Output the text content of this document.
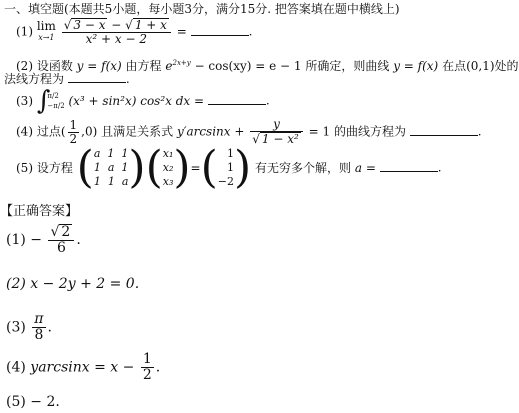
一、填空题(本题共5小题，每小题3分，满分15分. 把答案填在题中横线上)
(1) lim
x→1
$\frac{√ 3 - x - √ 1 + x}{\text{x² + x − 2}}$ =	.
(2) 设函数 y = f(x) 由方程 $e^{2x+y} - \cos(xy) = e - 1$ 所确定，则曲线 y = f(x) 在点(0,1)处的
法线方程为	.
(3) ∫
π/2
−π/2 (x³ + sin²x) cos²x dx =	.
(4) 过点( $\frac{1}{2} ,0$) 且满足关系式 $y'\arcsin x + \frac{y}{\text{√ 1 − x²}} = 1$ 的曲线方程为	.
(5) 设方程 ( a 1 1
1 a 1
1 1 a )( x₁
x₂
x₃ )=( 1
1
−2 ) 有无穷多个解，则 a =	.
【正确答案】
$(1) - \frac{√ 2}{6}$ .
(2) x − 2y + 2 = 0.
$(3) \frac{\pi}{8}$ .
(4) $yarcsinx = x - \frac{1}{2}$ .
(5) − 2.
